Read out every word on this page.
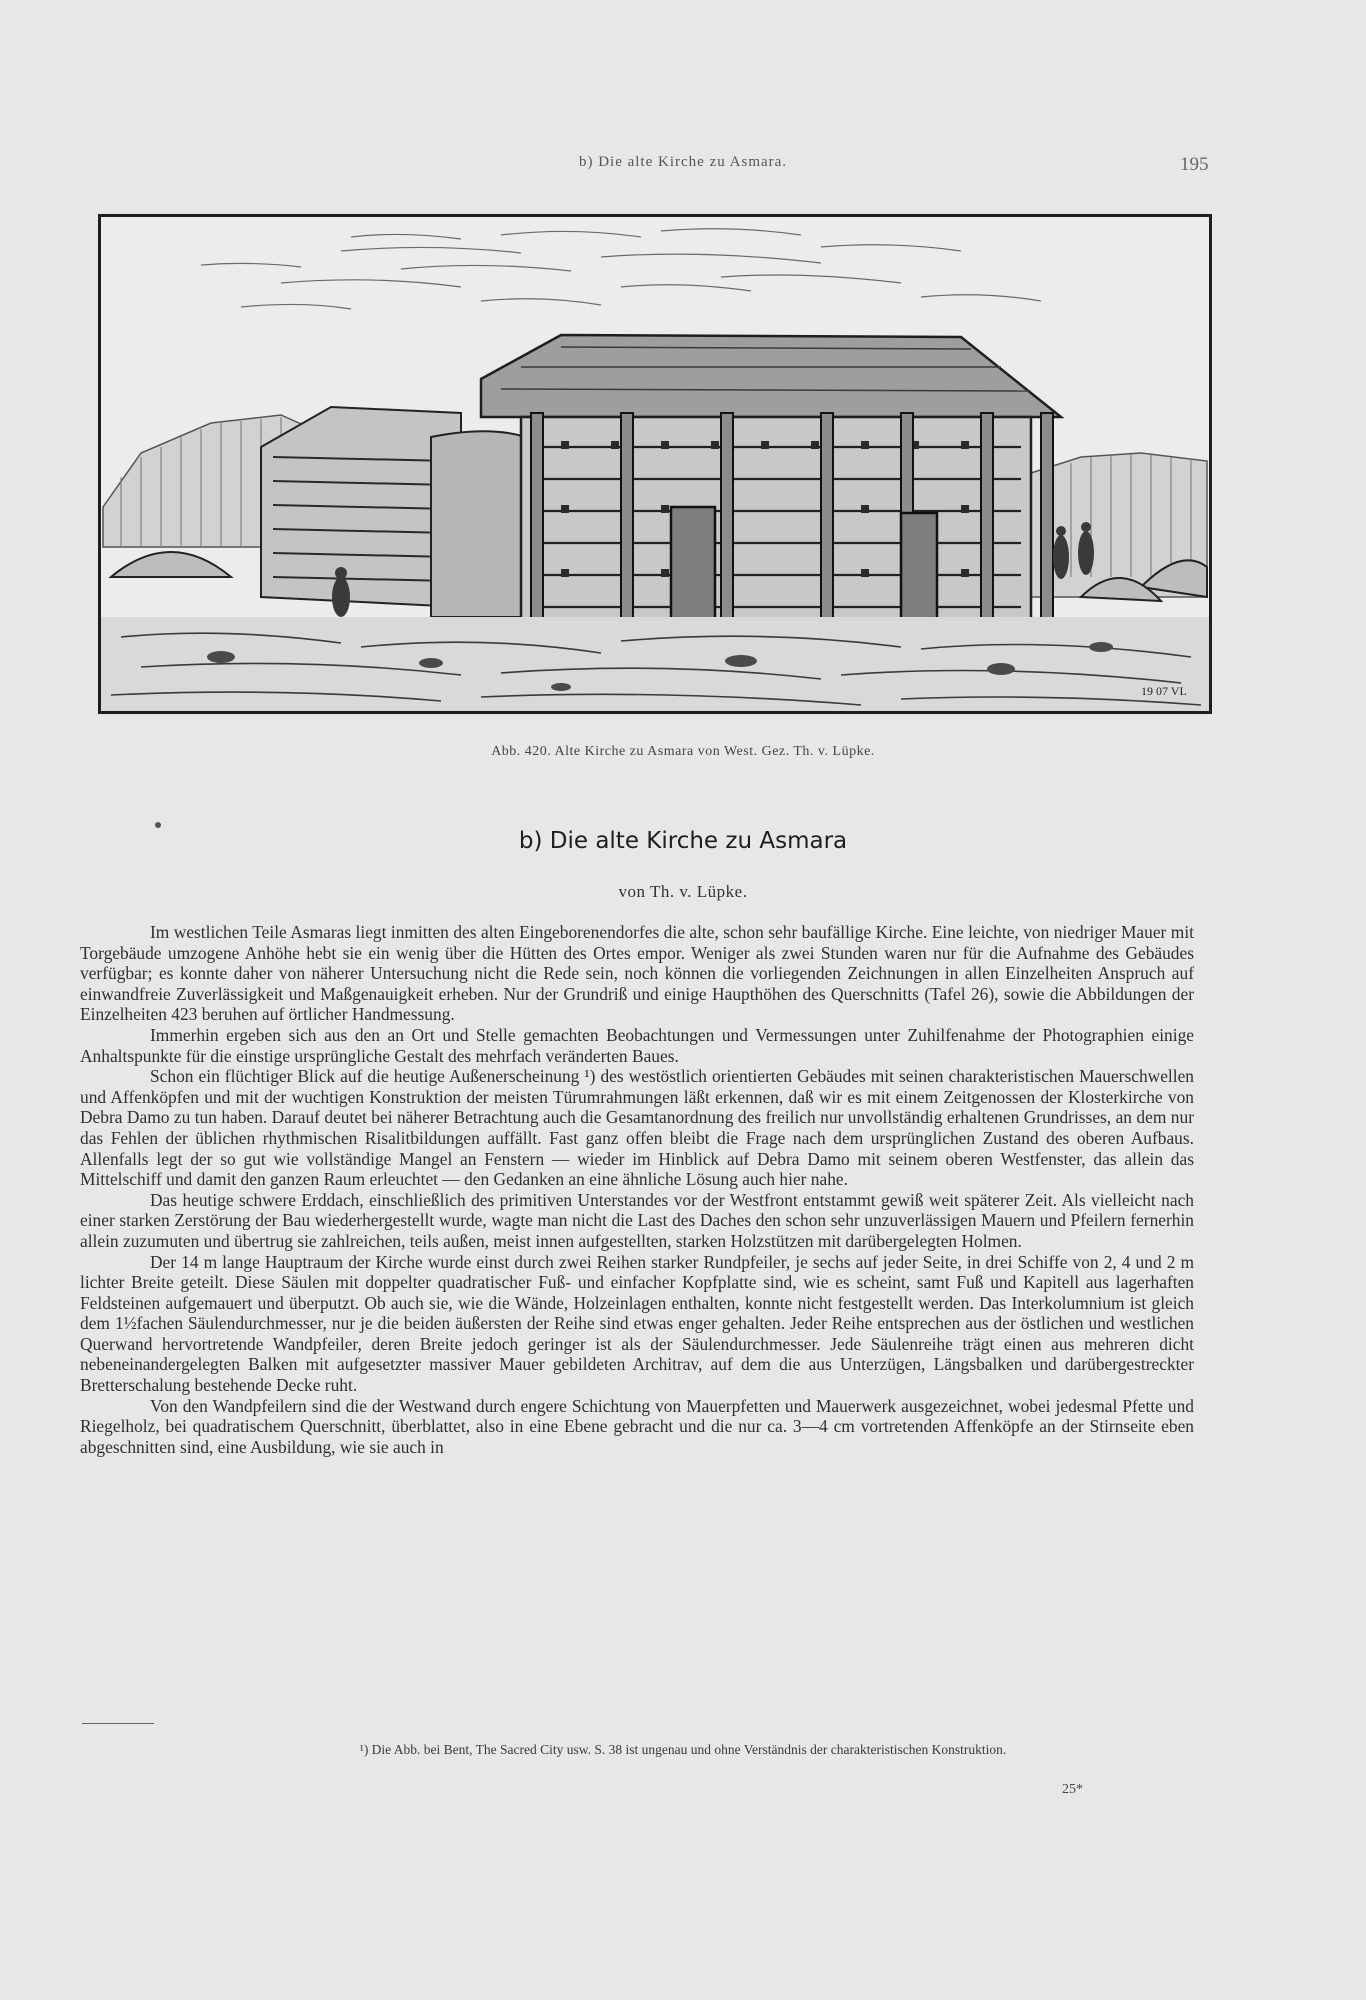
b) Die alte Kirche zu Asmara.	195
19 07 VL
Abb. 420. Alte Kirche zu Asmara von West. Gez. Th. v. Lüpke.
b) Die alte Kirche zu Asmara
von Th. v. Lüpke.

Im westlichen Teile Asmaras liegt inmitten des alten Eingeborenendorfes die alte, schon sehr baufällige Kirche. Eine leichte, von niedriger Mauer mit Torgebäude umzogene Anhöhe hebt sie ein wenig über die Hütten des Ortes empor. Weniger als zwei Stunden waren nur für die Aufnahme des Gebäudes verfügbar; es konnte daher von näherer Untersuchung nicht die Rede sein, noch können die vorliegenden Zeichnungen in allen Einzelheiten Anspruch auf einwandfreie Zuverlässigkeit und Maßgenauigkeit erheben. Nur der Grundriß und einige Haupthöhen des Querschnitts (Tafel 26), sowie die Abbildungen der Einzelheiten 423 beruhen auf örtlicher Handmessung.

Immerhin ergeben sich aus den an Ort und Stelle gemachten Beobachtungen und Vermessungen unter Zuhilfenahme der Photographien einige Anhaltspunkte für die einstige ursprüngliche Gestalt des mehrfach veränderten Baues.

Schon ein flüchtiger Blick auf die heutige Außenerscheinung ¹) des westöstlich orientierten Gebäudes mit seinen charakteristischen Mauerschwellen und Affenköpfen und mit der wuchtigen Konstruktion der meisten Türumrahmungen läßt erkennen, daß wir es mit einem Zeitgenossen der Klosterkirche von Debra Damo zu tun haben. Darauf deutet bei näherer Betrachtung auch die Gesamtanordnung des freilich nur unvollständig erhaltenen Grundrisses, an dem nur das Fehlen der üblichen rhythmischen Risalitbildungen auffällt. Fast ganz offen bleibt die Frage nach dem ursprünglichen Zustand des oberen Aufbaus. Allenfalls legt der so gut wie vollständige Mangel an Fenstern — wieder im Hinblick auf Debra Damo mit seinem oberen Westfenster, das allein das Mittelschiff und damit den ganzen Raum erleuchtet — den Gedanken an eine ähnliche Lösung auch hier nahe.

Das heutige schwere Erddach, einschließlich des primitiven Unterstandes vor der Westfront entstammt gewiß weit späterer Zeit. Als vielleicht nach einer starken Zerstörung der Bau wiederhergestellt wurde, wagte man nicht die Last des Daches den schon sehr unzuverlässigen Mauern und Pfeilern fernerhin allein zuzumuten und übertrug sie zahlreichen, teils außen, meist innen aufgestellten, starken Holzstützen mit darübergelegten Holmen.

Der 14 m lange Hauptraum der Kirche wurde einst durch zwei Reihen starker Rundpfeiler, je sechs auf jeder Seite, in drei Schiffe von 2, 4 und 2 m lichter Breite geteilt. Diese Säulen mit doppelter quadratischer Fuß- und einfacher Kopfplatte sind, wie es scheint, samt Fuß und Kapitell aus lagerhaften Feldsteinen aufgemauert und überputzt. Ob auch sie, wie die Wände, Holzeinlagen enthalten, konnte nicht festgestellt werden. Das Interkolumnium ist gleich dem 1½fachen Säulendurchmesser, nur je die beiden äußersten der Reihe sind etwas enger gehalten. Jeder Reihe entsprechen aus der östlichen und westlichen Querwand hervortretende Wandpfeiler, deren Breite jedoch geringer ist als der Säulendurchmesser. Jede Säulenreihe trägt einen aus mehreren dicht nebeneinandergelegten Balken mit aufgesetzter massiver Mauer gebildeten Architrav, auf dem die aus Unterzügen, Längsbalken und darübergestreckter Bretterschalung bestehende Decke ruht.

Von den Wandpfeilern sind die der Westwand durch engere Schichtung von Mauerpfetten und Mauerwerk ausgezeichnet, wobei jedesmal Pfette und Riegelholz, bei quadratischem Querschnitt, überblattet, also in eine Ebene gebracht und die nur ca. 3—4 cm vortretenden Affenköpfe an der Stirnseite eben abgeschnitten sind, eine Ausbildung, wie sie auch in

¹) Die Abb. bei Bent, The Sacred City usw. S. 38 ist ungenau und ohne Verständnis der charakteristischen Konstruktion.
25*
